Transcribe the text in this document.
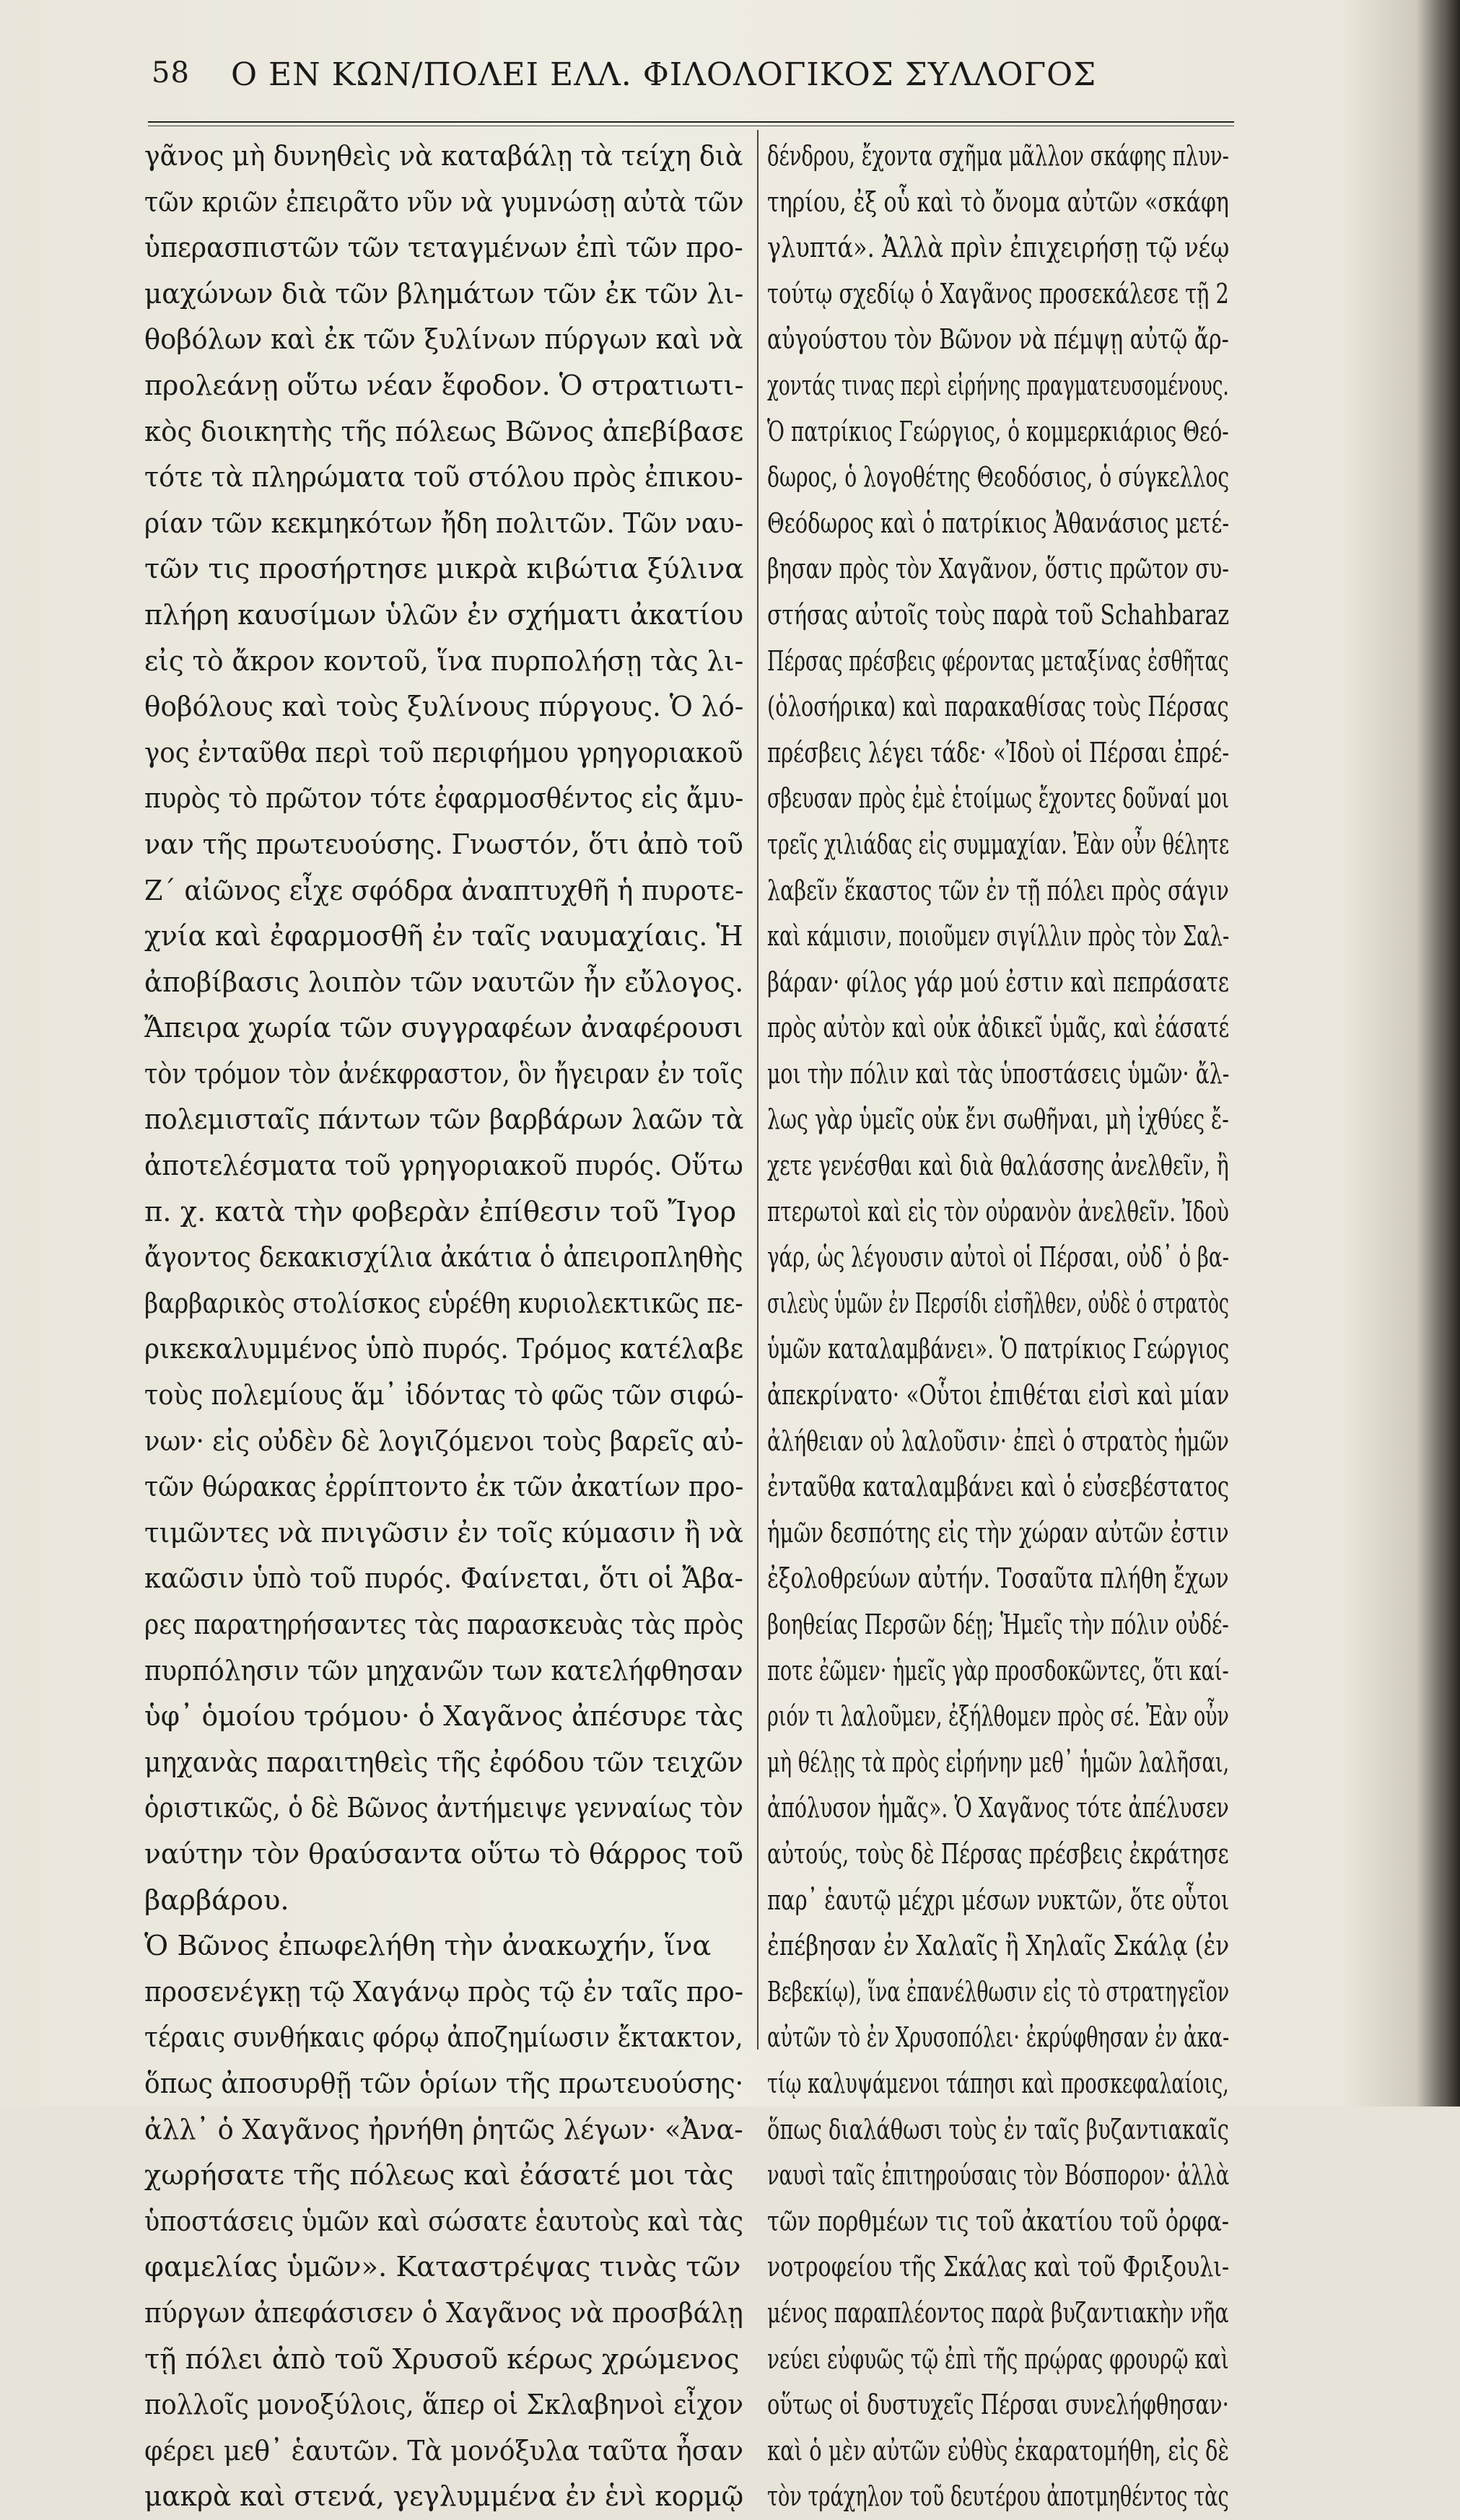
58 Ο ΕΝ ΚΩΝ/ΠΟΛΕΙ ΕΛΛ. ΦΙΛΟΛΟΓΙΚΟΣ ΣΥΛΛΟΓΟΣ
γᾶνος μὴ δυνηθεὶς νὰ καταβάλῃ τὰ τείχη διὰ
τῶν κριῶν ἐπειρᾶτο νῦν νὰ γυμνώσῃ αὐτὰ τῶν
ὑπερασπιστῶν τῶν τεταγμένων ἐπὶ τῶν προ-
μαχώνων διὰ τῶν βλημάτων τῶν ἐκ τῶν λι-
θοβόλων καὶ ἐκ τῶν ξυλίνων πύργων καὶ νὰ
προλεάνῃ οὕτω νέαν ἔφοδον. Ὁ στρατιωτι-
κὸς διοικητὴς τῆς πόλεως Βῶνος ἀπεβίβασε
τότε τὰ πληρώματα τοῦ στόλου πρὸς ἐπικου-
ρίαν τῶν κεκμηκότων ἤδη πολιτῶν. Τῶν ναυ-
τῶν τις προσήρτησε μικρὰ κιβώτια ξύλινα
πλήρη καυσίμων ὑλῶν ἐν σχήματι ἀκατίου
εἰς τὸ ἄκρον κοντοῦ, ἵνα πυρπολήσῃ τὰς λι-
θοβόλους καὶ τοὺς ξυλίνους πύργους. Ὁ λό-
γος ἐνταῦθα περὶ τοῦ περιφήμου γρηγοριακοῦ
πυρὸς τὸ πρῶτον τότε ἐφαρμοσθέντος εἰς ἄμυ-
ναν τῆς πρωτευούσης. Γνωστόν, ὅτι ἀπὸ τοῦ
Ζ΄ αἰῶνος εἶχε σφόδρα ἀναπτυχθῆ ἡ πυροτε-
χνία καὶ ἐφαρμοσθῆ ἐν ταῖς ναυμαχίαις. Ἡ
ἀποβίβασις λοιπὸν τῶν ναυτῶν ἦν εὔλογος.
Ἄπειρα χωρία τῶν συγγραφέων ἀναφέρουσι
τὸν τρόμον τὸν ἀνέκφραστον, ὃν ἤγειραν ἐν τοῖς
πολεμισταῖς πάντων τῶν βαρβάρων λαῶν τὰ
ἀποτελέσματα τοῦ γρηγοριακοῦ πυρός. Οὕτω
π. χ. κατὰ τὴν φοβερὰν ἐπίθεσιν τοῦ Ἴγορ
ἄγοντος δεκακισχίλια ἀκάτια ὁ ἀπειροπληθὴς
βαρβαρικὸς στολίσκος εὑρέθη κυριολεκτικῶς πε-
ρικεκαλυμμένος ὑπὸ πυρός. Τρόμος κατέλαβε
τοὺς πολεμίους ἅμ᾽ ἰδόντας τὸ φῶς τῶν σιφώ-
νων· εἰς οὐδὲν δὲ λογιζόμενοι τοὺς βαρεῖς αὐ-
τῶν θώρακας ἐρρίπτοντο ἐκ τῶν ἀκατίων προ-
τιμῶντες νὰ πνιγῶσιν ἐν τοῖς κύμασιν ἢ νὰ
καῶσιν ὑπὸ τοῦ πυρός. Φαίνεται, ὅτι οἱ Ἄβα-
ρες παρατηρήσαντες τὰς παρασκευὰς τὰς πρὸς
πυρπόλησιν τῶν μηχανῶν των κατελήφθησαν
ὑφ᾽ ὁμοίου τρόμου· ὁ Χαγᾶνος ἀπέσυρε τὰς
μηχανὰς παραιτηθεὶς τῆς ἐφόδου τῶν τειχῶν
ὁριστικῶς, ὁ δὲ Βῶνος ἀντήμειψε γενναίως τὸν
ναύτην τὸν θραύσαντα οὕτω τὸ θάρρος τοῦ
βαρβάρου.
Ὁ Βῶνος ἐπωφελήθη τὴν ἀνακωχήν, ἵνα
προσενέγκῃ τῷ Χαγάνῳ πρὸς τῷ ἐν ταῖς προ-
τέραις συνθήκαις φόρῳ ἀποζημίωσιν ἔκτακτον,
ὅπως ἀποσυρθῇ τῶν ὁρίων τῆς πρωτευούσης·
ἀλλ᾽ ὁ Χαγᾶνος ἠρνήθη ῥητῶς λέγων· «Ἀνα-
χωρήσατε τῆς πόλεως καὶ ἐάσατέ μοι τὰς
ὑποστάσεις ὑμῶν καὶ σώσατε ἑαυτοὺς καὶ τὰς
φαμελίας ὑμῶν». Καταστρέψας τινὰς τῶν
πύργων ἀπεφάσισεν ὁ Χαγᾶνος νὰ προσβάλῃ
τῇ πόλει ἀπὸ τοῦ Χρυσοῦ κέρως χρώμενος
πολλοῖς μονοξύλοις, ἅπερ οἱ Σκλαβηνοὶ εἶχον
φέρει μεθ᾽ ἑαυτῶν. Τὰ μονόξυλα ταῦτα ἦσαν
μακρὰ καὶ στενά, γεγλυμμένα ἐν ἑνὶ κορμῷ
δένδρου, ἔχοντα σχῆμα μᾶλλον σκάφης πλυν-
τηρίου, ἐξ οὗ καὶ τὸ ὄνομα αὐτῶν «σκάφη
γλυπτά». Ἀλλὰ πρὶν ἐπιχειρήσῃ τῷ νέῳ
τούτῳ σχεδίῳ ὁ Χαγᾶνος προσεκάλεσε τῇ 2
αὐγούστου τὸν Βῶνον νὰ πέμψῃ αὐτῷ ἄρ-
χοντάς τινας περὶ εἰρήνης πραγματευσομένους.
Ὁ πατρίκιος Γεώργιος, ὁ κομμερκιάριος Θεό-
δωρος, ὁ λογοθέτης Θεοδόσιος, ὁ σύγκελλος
Θεόδωρος καὶ ὁ πατρίκιος Ἀθανάσιος μετέ-
βησαν πρὸς τὸν Χαγᾶνον, ὅστις πρῶτον συ-
στήσας αὐτοῖς τοὺς παρὰ τοῦ Schahbaraz
Πέρσας πρέσβεις φέροντας μεταξίνας ἐσθῆτας
(ὁλοσήρικα) καὶ παρακαθίσας τοὺς Πέρσας
πρέσβεις λέγει τάδε· «Ἰδοὺ οἱ Πέρσαι ἐπρέ-
σβευσαν πρὸς ἐμὲ ἑτοίμως ἔχοντες δοῦναί μοι
τρεῖς χιλιάδας εἰς συμμαχίαν. Ἐὰν οὖν θέλητε
λαβεῖν ἕκαστος τῶν ἐν τῇ πόλει πρὸς σάγιν
καὶ κάμισιν, ποιοῦμεν σιγίλλιν πρὸς τὸν Σαλ-
βάραν· φίλος γάρ μού ἐστιν καὶ πεπράσατε
πρὸς αὐτὸν καὶ οὐκ ἀδικεῖ ὑμᾶς, καὶ ἐάσατέ
μοι τὴν πόλιν καὶ τὰς ὑποστάσεις ὑμῶν· ἄλ-
λως γὰρ ὑμεῖς οὐκ ἔνι σωθῆναι, μὴ ἰχθύες ἔ-
χετε γενέσθαι καὶ διὰ θαλάσσης ἀνελθεῖν, ἢ
πτερωτοὶ καὶ εἰς τὸν οὐρανὸν ἀνελθεῖν. Ἰδοὺ
γάρ, ὡς λέγουσιν αὐτοὶ οἱ Πέρσαι, οὐδ᾽ ὁ βα-
σιλεὺς ὑμῶν ἐν Περσίδι εἰσῆλθεν, οὐδὲ ὁ στρατὸς
ὑμῶν καταλαμβάνει». Ὁ πατρίκιος Γεώργιος
ἀπεκρίνατο· «Οὗτοι ἐπιθέται εἰσὶ καὶ μίαν
ἀλήθειαν οὐ λαλοῦσιν· ἐπεὶ ὁ στρατὸς ἡμῶν
ἐνταῦθα καταλαμβάνει καὶ ὁ εὐσεβέστατος
ἡμῶν δεσπότης εἰς τὴν χώραν αὐτῶν ἐστιν
ἐξολοθρεύων αὐτήν. Τοσαῦτα πλήθη ἔχων
βοηθείας Περσῶν δέῃ; Ἡμεῖς τὴν πόλιν οὐδέ-
ποτε ἐῶμεν· ἡμεῖς γὰρ προσδοκῶντες, ὅτι καί-
ριόν τι λαλοῦμεν, ἐξήλθομεν πρὸς σέ. Ἐὰν οὖν
μὴ θέλῃς τὰ πρὸς εἰρήνην μεθ᾽ ἡμῶν λαλῆσαι,
ἀπόλυσον ἡμᾶς». Ὁ Χαγᾶνος τότε ἀπέλυσεν
αὐτούς, τοὺς δὲ Πέρσας πρέσβεις ἐκράτησε
παρ᾽ ἑαυτῷ μέχρι μέσων νυκτῶν, ὅτε οὗτοι
ἐπέβησαν ἐν Χαλαῖς ἢ Χηλαῖς Σκάλᾳ (ἐν
Βεβεκίῳ), ἵνα ἐπανέλθωσιν εἰς τὸ στρατηγεῖον
αὐτῶν τὸ ἐν Χρυσοπόλει· ἐκρύφθησαν ἐν ἀκα-
τίῳ καλυψάμενοι τάπησι καὶ προσκεφαλαίοις,
ὅπως διαλάθωσι τοὺς ἐν ταῖς βυζαντιακαῖς
ναυσὶ ταῖς ἐπιτηρούσαις τὸν Βόσπορον· ἀλλὰ
τῶν πορθμέων τις τοῦ ἀκατίου τοῦ ὀρφα-
νοτροφείου τῆς Σκάλας καὶ τοῦ Φριξουλι-
μένος παραπλέοντος παρὰ βυζαντιακὴν νῆα
νεύει εὐφυῶς τῷ ἐπὶ τῆς πρῴρας φρουρῷ καὶ
οὕτως οἱ δυστυχεῖς Πέρσαι συνελήφθησαν·
καὶ ὁ μὲν αὐτῶν εὐθὺς ἐκαρατομήθη, εἰς δὲ
τὸν τράχηλον τοῦ δευτέρου ἀποτμηθέντος τὰς
